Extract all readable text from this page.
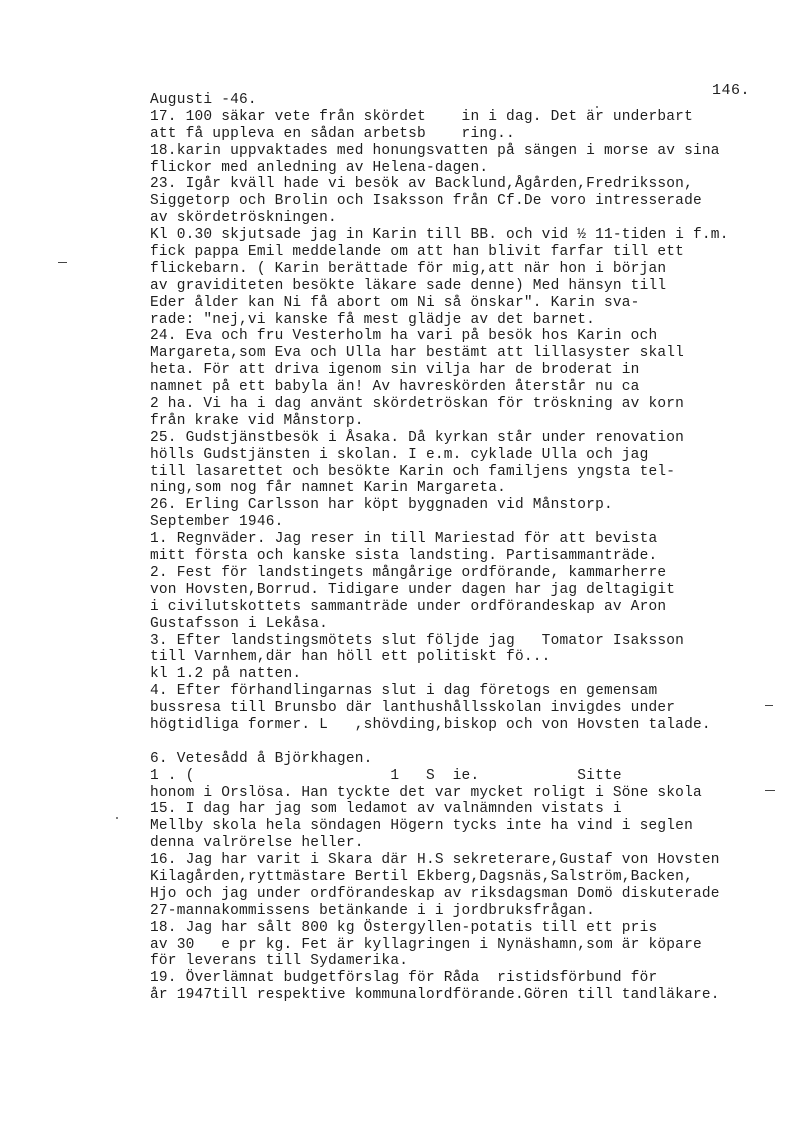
146.
Augusti -46.
17. 100 säkar vete från skördet    in i dag. Det är underbart
att få uppleva en sådan arbetsb    ring..
18.karin uppvaktades med honungsvatten på sängen i morse av sina
flickor med anledning av Helena-dagen.
23. Igår kväll hade vi besök av Backlund,Ågården,Fredriksson,
Siggetorp och Brolin och Isaksson från Cf.De voro intresserade
av skördetröskningen.
Kl 0.30 skjutsade jag in Karin till BB. och vid ½ 11-tiden i f.m.
fick pappa Emil meddelande om att han blivit farfar till ett
flickebarn. ( Karin berättade för mig,att när hon i början
av graviditeten besökte läkare sade denne) Med hänsyn till
Eder ålder kan Ni få abort om Ni så önskar". Karin sva-
rade: "nej,vi kanske få mest glädje av det barnet.
24. Eva och fru Vesterholm ha vari på besök hos Karin och
Margareta,som Eva och Ulla har bestämt att lillasyster skall
heta. För att driva igenom sin vilja har de broderat in
namnet på ett babyla än! Av havreskörden återstår nu ca
2 ha. Vi ha i dag använt skördetröskan för tröskning av korn
från krake vid Månstorp.
25. Gudstjänstbesök i Åsaka. Då kyrkan står under renovation
hölls Gudstjänsten i skolan. I e.m. cyklade Ulla och jag
till lasarettet och besökte Karin och familjens yngsta tel-
ning,som nog får namnet Karin Margareta.
26. Erling Carlsson har köpt byggnaden vid Månstorp.
September 1946.
1. Regnväder. Jag reser in till Mariestad för att bevista
mitt första och kanske sista landsting. Partisammanträde.
2. Fest för landstingets mångårige ordförande, kammarherre
von Hovsten,Borrud. Tidigare under dagen har jag deltagigit
i civilutskottets sammanträde under ordförandeskap av Aron
Gustafsson i Lekåsa.
3. Efter landstingsmötets slut följde jag   Tomator Isaksson
till Varnhem,där han höll ett politiskt fö...
kl 1.2 på natten.
4. Efter förhandlingarnas slut i dag företogs en gemensam
bussresa till Brunsbo där lanthushållsskolan invigdes under
högtidliga former. L   ,shövding,biskop och von Hovsten talade.
6. Vetesådd å Björkhagen.
1 . (                      1   S  ie.           Sitte
honom i Orslösa. Han tyckte det var mycket roligt i Söne skola
15. I dag har jag som ledamot av valnämnden vistats i
Mellby skola hela söndagen Högern tycks inte ha vind i seglen
denna valrörelse heller.
16. Jag har varit i Skara där H.S sekreterare,Gustaf von Hovsten
Kilagården,ryttmästare Bertil Ekberg,Dagsnäs,Salström,Backen,
Hjo och jag under ordförandeskap av riksdagsman Domö diskuterade
27-mannakommissens betänkande i i jordbruksfrågan.
18. Jag har sålt 800 kg Östergyllen-potatis till ett pris
av 30   e pr kg. Fet är kyllagringen i Nynäshamn,som är köpare
för leverans till Sydamerika.
19. Överlämnat budgetförslag för Råda  ristidsförbund för
år 1947till respektive kommunalordförande.Gören till tandläkare.
